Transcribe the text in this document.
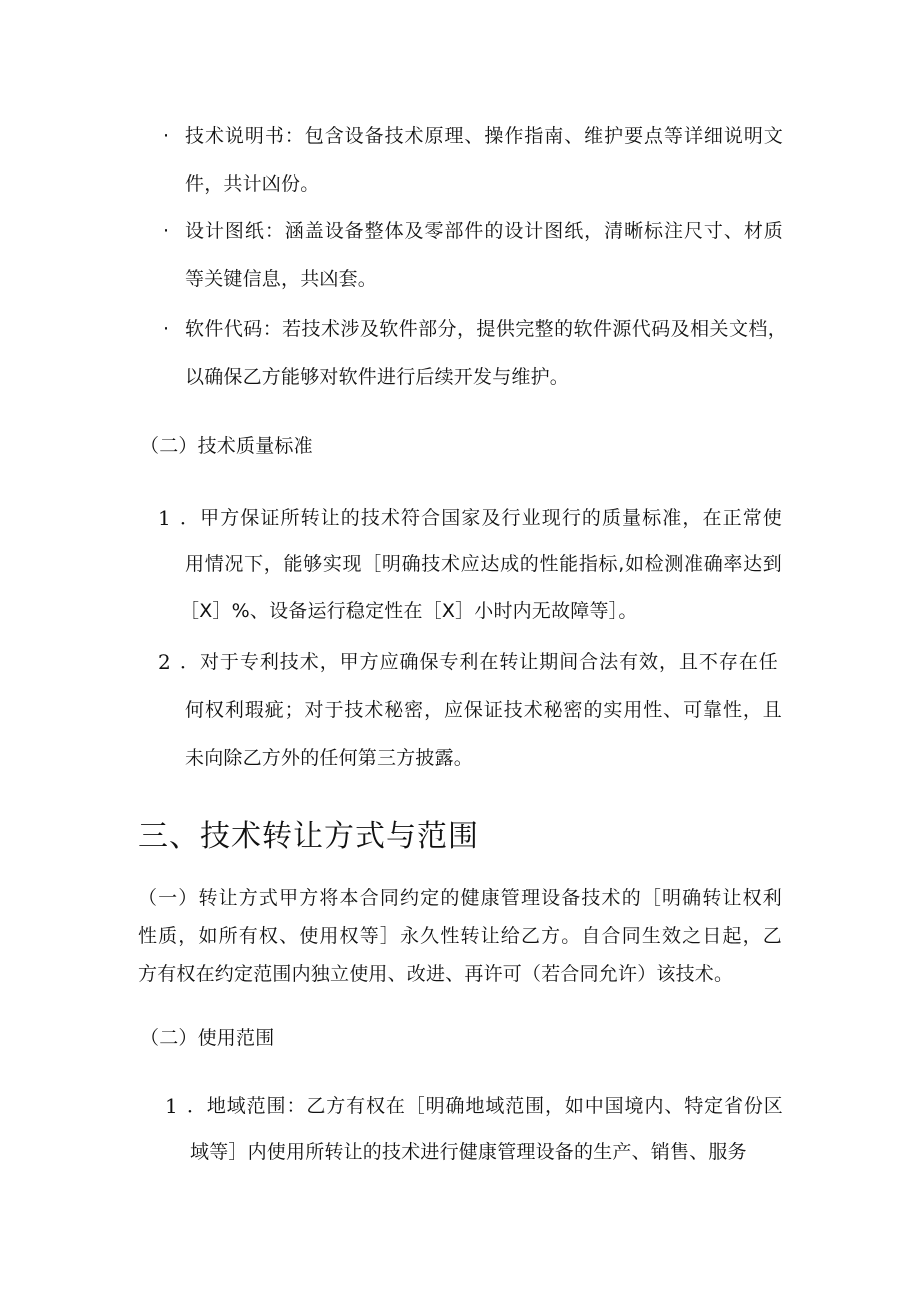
· 技术说明书：包含设备技术原理、操作指南、维护要点等详细说明文
件，共计凶份。
· 设计图纸：涵盖设备整体及零部件的设计图纸，清晰标注尺寸、材质
等关键信息，共凶套。
· 软件代码：若技术涉及软件部分，提供完整的软件源代码及相关文档，
以确保乙方能够对软件进行后续开发与维护。
（二）技术质量标准
1 ．甲方保证所转让的技术符合国家及行业现行的质量标准，在正常使
用情况下，能够实现［明确技术应达成的性能指标,如检测准确率达到
［X］%、设备运行稳定性在［X］小时内无故障等］。
2 ．对于专利技术，甲方应确保专利在转让期间合法有效，且不存在任
何权利瑕疵；对于技术秘密，应保证技术秘密的实用性、可靠性，且
未向除乙方外的任何第三方披露。
三、技术转让方式与范围
（一）转让方式甲方将本合同约定的健康管理设备技术的［明确转让权利
性质，如所有权、使用权等］永久性转让给乙方。自合同生效之日起，乙
方有权在约定范围内独立使用、改进、再许可（若合同允许）该技术。
（二）使用范围
1 ．地域范围：乙方有权在［明确地域范围，如中国境内、特定省份区
域等］内使用所转让的技术进行健康管理设备的生产、销售、服务
